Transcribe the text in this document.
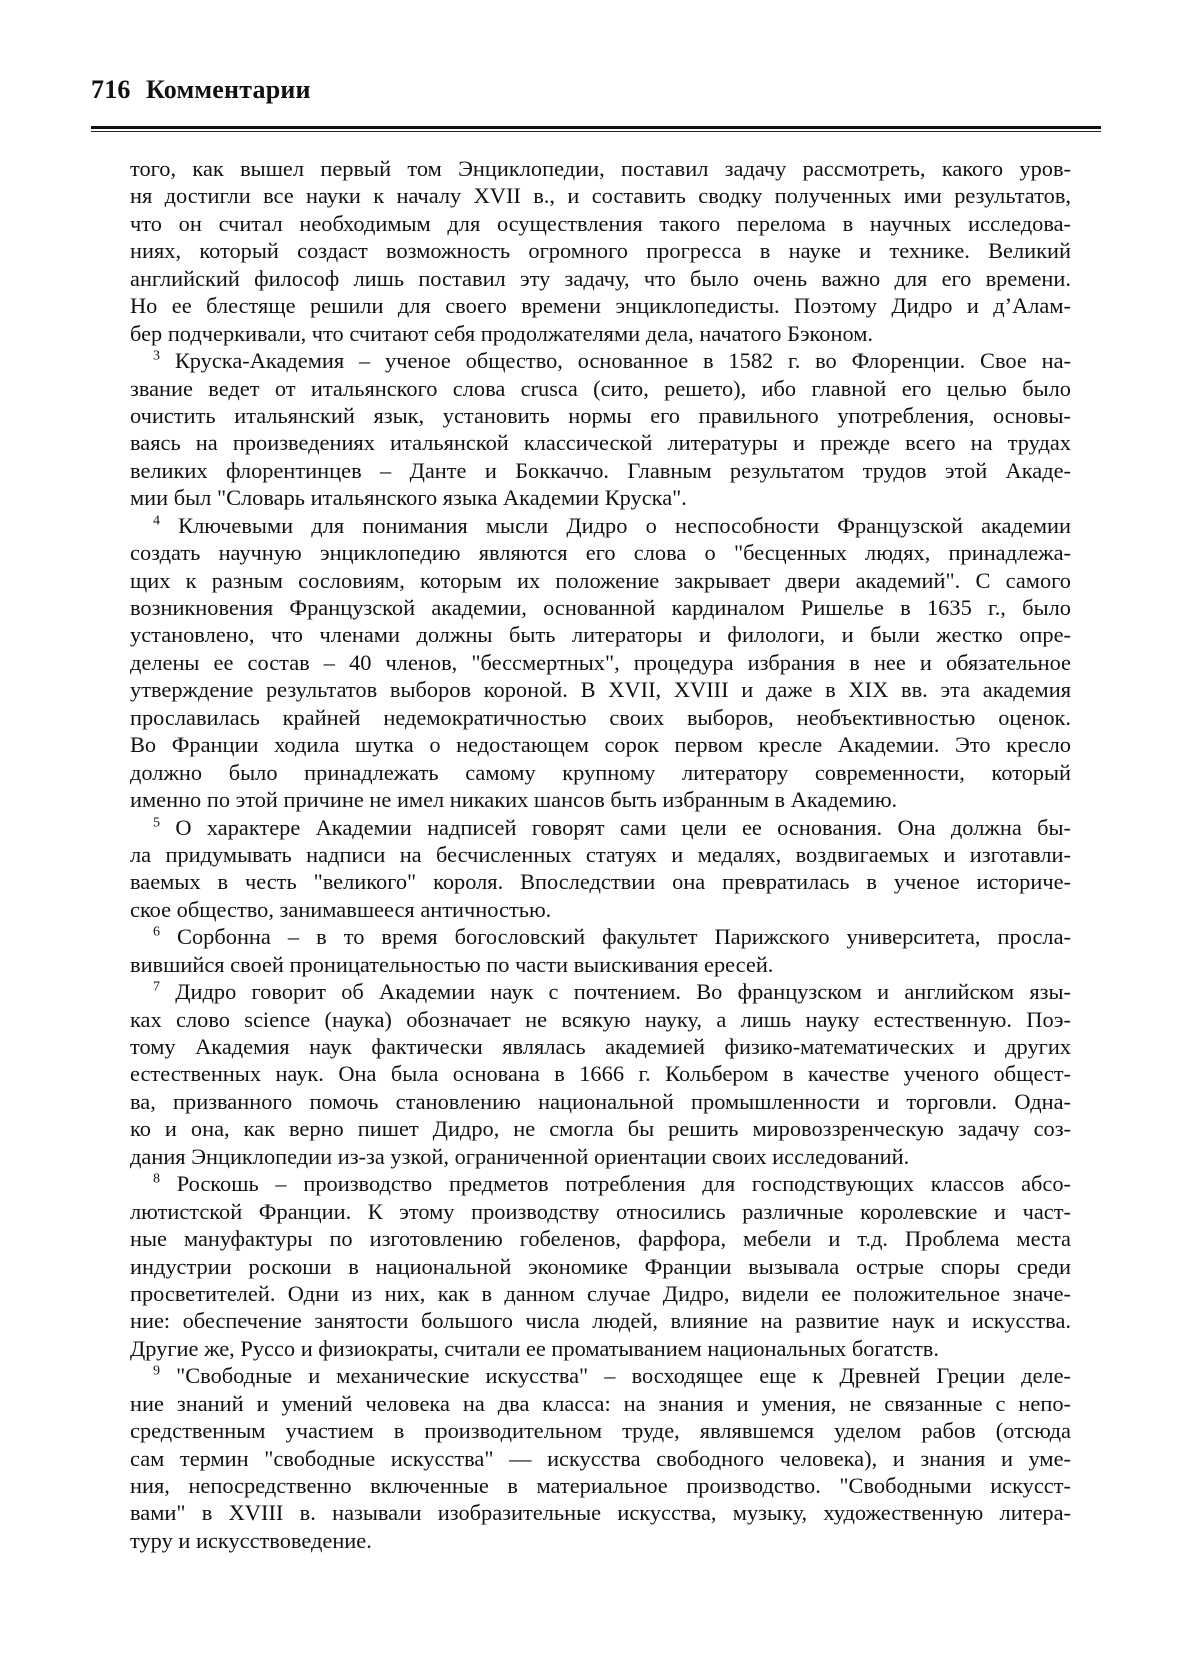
716 Комментарии
того, как вышел первый том Энциклопедии, поставил задачу рассмотреть, какого уров-
ня достигли все науки к началу XVII в., и составить сводку полученных ими результатов,
что он считал необходимым для осуществления такого перелома в научных исследова-
ниях, который создаст возможность огромного прогресса в науке и технике. Великий
английский философ лишь поставил эту задачу, что было очень важно для его времени.
Но ее блестяще решили для своего времени энциклопедисты. Поэтому Дидро и д’Алам-
бер подчеркивали, что считают себя продолжателями дела, начатого Бэконом.
$^3$ Круска-Академия – ученое общество, основанное в 1582 г. во Флоренции. Свое на-
звание ведет от итальянского слова crusca (сито, решето), ибо главной его целью было
очистить итальянский язык, установить нормы его правильного употребления, основы-
ваясь на произведениях итальянской классической литературы и прежде всего на трудах
великих флорентинцев – Данте и Боккаччо. Главным результатом трудов этой Акаде-
мии был "Словарь итальянского языка Академии Круска".
$^4$ Ключевыми для понимания мысли Дидро о неспособности Французской академии
создать научную энциклопедию являются его слова о "бесценных людях, принадлежа-
щих к разным сословиям, которым их положение закрывает двери академий". С самого
возникновения Французской академии, основанной кардиналом Ришелье в 1635 г., было
установлено, что членами должны быть литераторы и филологи, и были жестко опре-
делены ее состав – 40 членов, "бессмертных", процедура избрания в нее и обязательное
утверждение результатов выборов короной. В XVII, XVIII и даже в XIX вв. эта академия
прославилась крайней недемократичностью своих выборов, необъективностью оценок.
Во Франции ходила шутка о недостающем сорок первом кресле Академии. Это кресло
должно было принадлежать самому крупному литератору современности, который
именно по этой причине не имел никаких шансов быть избранным в Академию.
$^5$ О характере Академии надписей говорят сами цели ее основания. Она должна бы-
ла придумывать надписи на бесчисленных статуях и медалях, воздвигаемых и изготавли-
ваемых в честь "великого" короля. Впоследствии она превратилась в ученое историче-
ское общество, занимавшееся античностью.
$^6$ Сорбонна – в то время богословский факультет Парижского университета, просла-
вившийся своей проницательностью по части выискивания ересей.
$^7$ Дидро говорит об Академии наук с почтением. Во французском и английском язы-
ках слово science (наука) обозначает не всякую науку, а лишь науку естественную. Поэ-
тому Академия наук фактически являлась академией физико-математических и других
естественных наук. Она была основана в 1666 г. Кольбером в качестве ученого общест-
ва, призванного помочь становлению национальной промышленности и торговли. Одна-
ко и она, как верно пишет Дидро, не смогла бы решить мировоззренческую задачу соз-
дания Энциклопедии из-за узкой, ограниченной ориентации своих исследований.
$^8$ Роскошь – производство предметов потребления для господствующих классов абсо-
лютистской Франции. К этому производству относились различные королевские и част-
ные мануфактуры по изготовлению гобеленов, фарфора, мебели и т.д. Проблема места
индустрии роскоши в национальной экономике Франции вызывала острые споры среди
просветителей. Одни из них, как в данном случае Дидро, видели ее положительное значе-
ние: обеспечение занятости большого числа людей, влияние на развитие наук и искусства.
Другие же, Руссо и физиократы, считали ее проматыванием национальных богатств.
$^9$ "Свободные и механические искусства" – восходящее еще к Древней Греции деле-
ние знаний и умений человека на два класса: на знания и умения, не связанные с непо-
средственным участием в производительном труде, являвшемся уделом рабов (отсюда
сам термин "свободные искусства" — искусства свободного человека), и знания и уме-
ния, непосредственно включенные в материальное производство. "Свободными искусст-
вами" в XVIII в. называли изобразительные искусства, музыку, художественную литера-
туру и искусствоведение.
